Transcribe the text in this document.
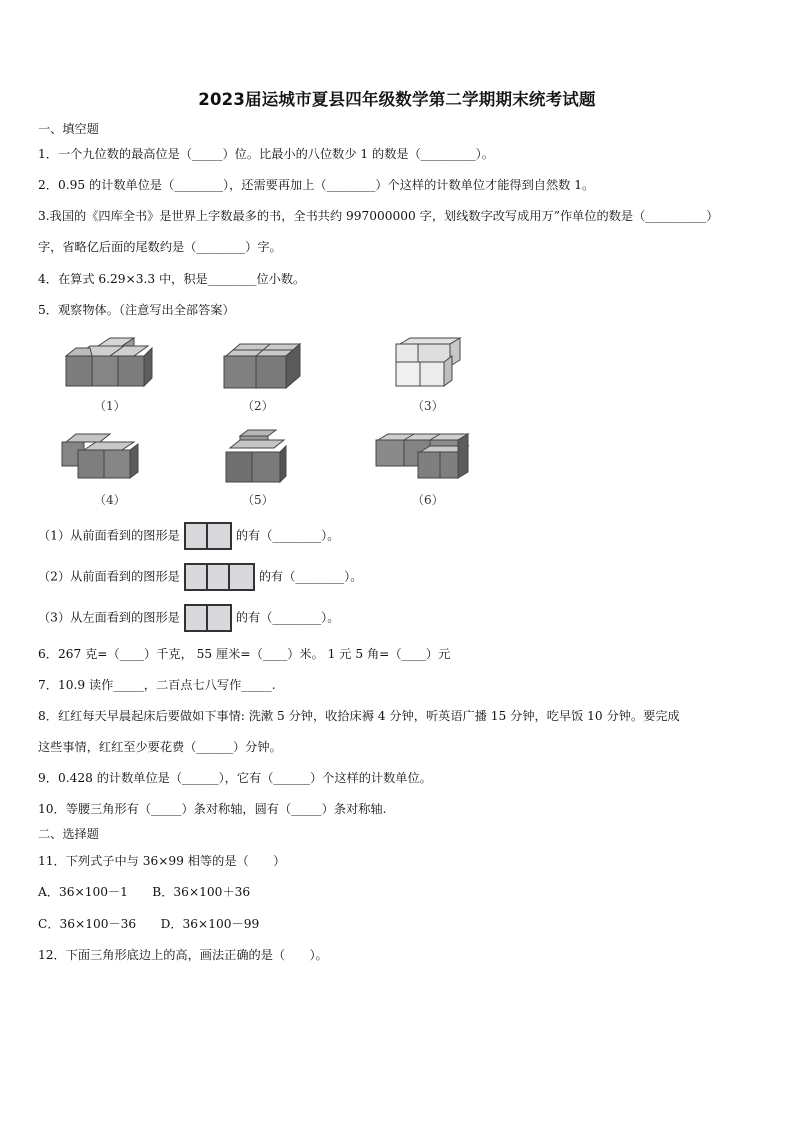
2023届运城市夏县四年级数学第二学期期末统考试题
一、填空题
1．一个九位数的最高位是（_____）位。比最小的八位数少 1 的数是（_________）。
2．0.95 的计数单位是（________），还需要再加上（________）个这样的计数单位才能得到自然数 1。
3.我国的《四库全书》是世界上字数最多的书，全书共约 997000000 字，划线数字改写成用万”作单位的数是（__________）
字，省略亿后面的尾数约是（________）字。
4．在算式 6.29×3.3 中，积是________位小数。
5．观察物体。（注意写出全部答案）
（1）	（2）	（3）
（4）	（5）	（6）
（1）从前面看到的图形是	的有（________）。
（2）从前面看到的图形是	的有（________）。
（3）从左面看到的图形是	的有（________）。
6．267 克=（____）千克， 55 厘米=（____）米。 1 元 5 角=（____）元
7．10.9 读作_____，二百点七八写作_____.
8．红红每天早晨起床后要做如下事情: 洗漱 5 分钟，收拾床褥 4 分钟，听英语广播 15 分钟，吃早饭 10 分钟。要完成
这些事情，红红至少要花费（______）分钟。
9．0.428 的计数单位是（______），它有（______）个这样的计数单位。
10．等腰三角形有（_____）条对称轴，圆有（_____）条对称轴.
二、选择题
11．下列式子中与 36×99 相等的是（　　）
A．36×100－1　　B．36×100＋36
C．36×100－36　　D．36×100－99
12．下面三角形底边上的高，画法正确的是（　　）。
